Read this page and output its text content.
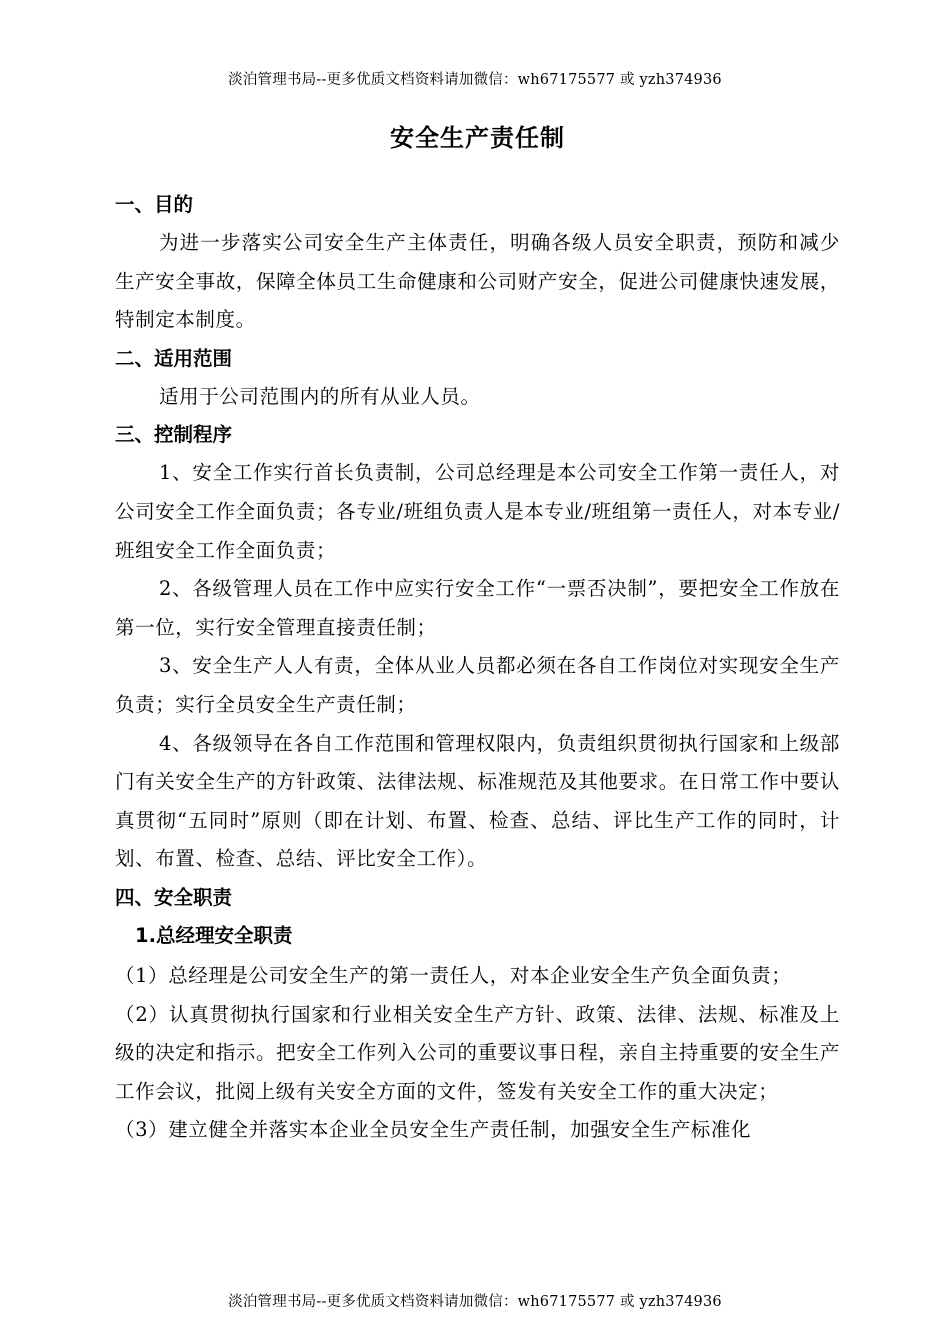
淡泊管理书局--更多优质文档资料请加微信：wh67175577 或 yzh374936
安全生产责任制
一、目的

为进一步落实公司安全生产主体责任，明确各级人员安全职责，预防和减少生产安全事故，保障全体员工生命健康和公司财产安全，促进公司健康快速发展，特制定本制度。

二、适用范围

适用于公司范围内的所有从业人员。

三、控制程序

1、安全工作实行首长负责制，公司总经理是本公司安全工作第一责任人，对公司安全工作全面负责；各专业/班组负责人是本专业/班组第一责任人，对本专业/班组安全工作全面负责；

2、各级管理人员在工作中应实行安全工作“一票否决制”，要把安全工作放在第一位，实行安全管理直接责任制；

3、安全生产人人有责，全体从业人员都必须在各自工作岗位对实现安全生产负责；实行全员安全生产责任制；

4、各级领导在各自工作范围和管理权限内，负责组织贯彻执行国家和上级部门有关安全生产的方针政策、法律法规、标准规范及其他要求。在日常工作中要认真贯彻“五同时”原则（即在计划、布置、检查、总结、评比生产工作的同时，计划、布置、检查、总结、评比安全工作）。

四、安全职责
1.总经理安全职责

（1）总经理是公司安全生产的第一责任人，对本企业安全生产负全面负责；

（2）认真贯彻执行国家和行业相关安全生产方针、政策、法律、法规、标准及上级的决定和指示。把安全工作列入公司的重要议事日程，亲自主持重要的安全生产工作会议，批阅上级有关安全方面的文件，签发有关安全工作的重大决定；

（3）建立健全并落实本企业全员安全生产责任制，加强安全生产标准化

淡泊管理书局--更多优质文档资料请加微信：wh67175577 或 yzh374936
